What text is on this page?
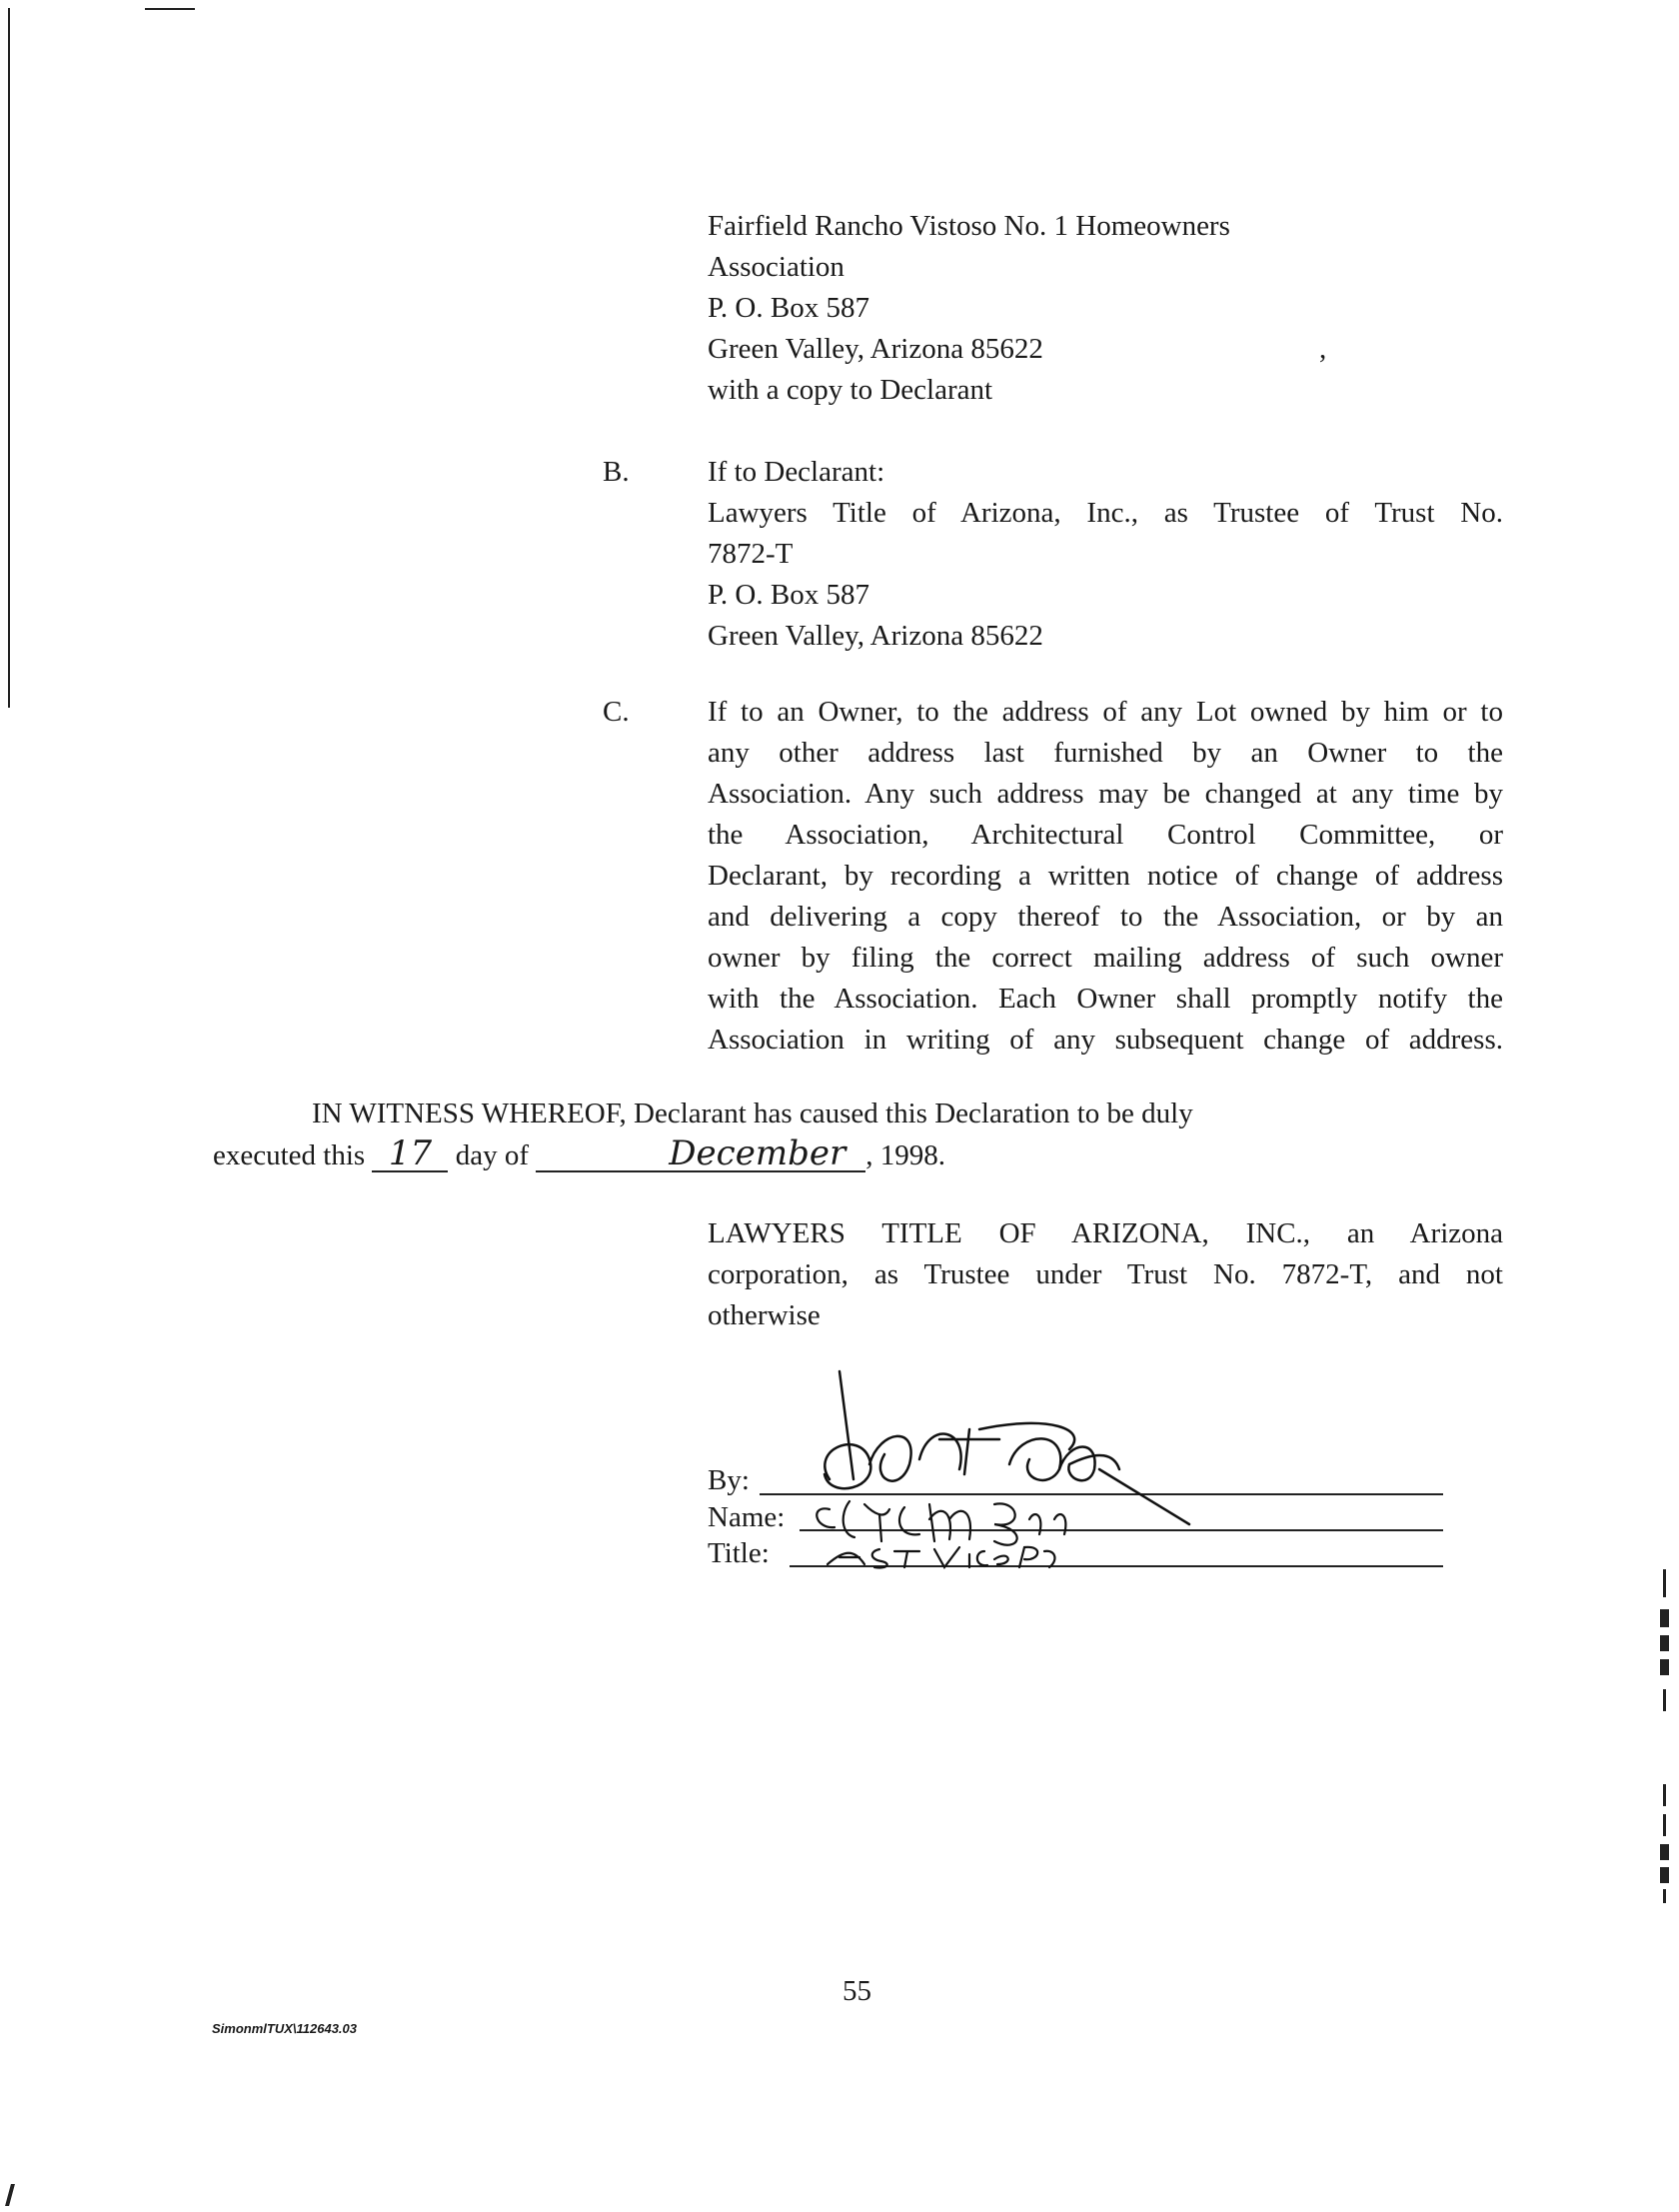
Fairfield Rancho Vistoso No. 1 Homeowners
Association
P. O. Box 587
Green Valley, Arizona 85622	,
with a copy to Declarant
B.	If to Declarant:
Lawyers Title of Arizona, Inc., as Trustee of Trust No.
7872-T
P. O. Box 587
Green Valley, Arizona 85622
C.	If to an Owner, to the address of any Lot owned by him or to
any other address last furnished by an Owner to the
Association. Any such address may be changed at any time by
the Association, Architectural Control Committee, or
Declarant, by recording a written notice of change of address
and delivering a copy thereof to the Association, or by an
owner by filing the correct mailing address of such owner
with the Association. Each Owner shall promptly notify the
Association in writing of any subsequent change of address.
IN WITNESS WHEREOF, Declarant has caused this Declaration to be duly
executed this 17 day of	December , 1998.
LAWYERS TITLE OF ARIZONA, INC., an Arizona
corporation, as Trustee under Trust No. 7872-T, and not
otherwise
By:
Name:
Title:
SimonmlTUX\112643.03
55
